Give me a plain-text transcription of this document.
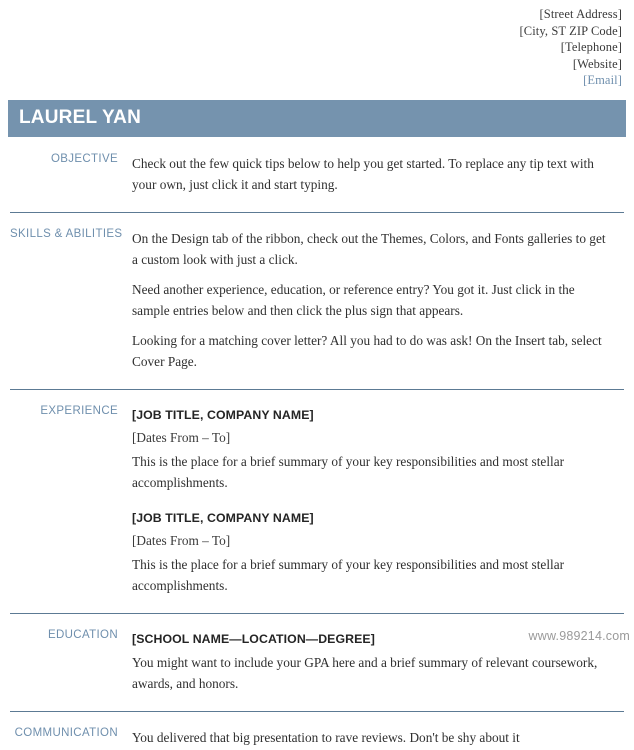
[Street Address]
[City, ST ZIP Code]
[Telephone]
[Website]
[Email]
LAUREL YAN
OBJECTIVE Check out the few quick tips below to help you get started. To replace any tip text with your own, just click it and start typing.

SKILLS & ABILITIES On the Design tab of the ribbon, check out the Themes, Colors, and Fonts galleries to get a custom look with just a click.

Need another experience, education, or reference entry? You got it. Just click in the sample entries below and then click the plus sign that appears.

Looking for a matching cover letter? All you had to do was ask! On the Insert tab, select Cover Page.

EXPERIENCE [JOB TITLE, COMPANY NAME]
[Dates From – To]
This is the place for a brief summary of your key responsibilities and most stellar accomplishments.
[JOB TITLE, COMPANY NAME]
[Dates From – To]
This is the place for a brief summary of your key responsibilities and most stellar accomplishments.
EDUCATION [SCHOOL NAME—LOCATION—DEGREE]
You might want to include your GPA here and a brief summary of relevant coursework, awards, and honors.
COMMUNICATION You delivered that big presentation to rave reviews. Don't be shy about it

www.989214.com
